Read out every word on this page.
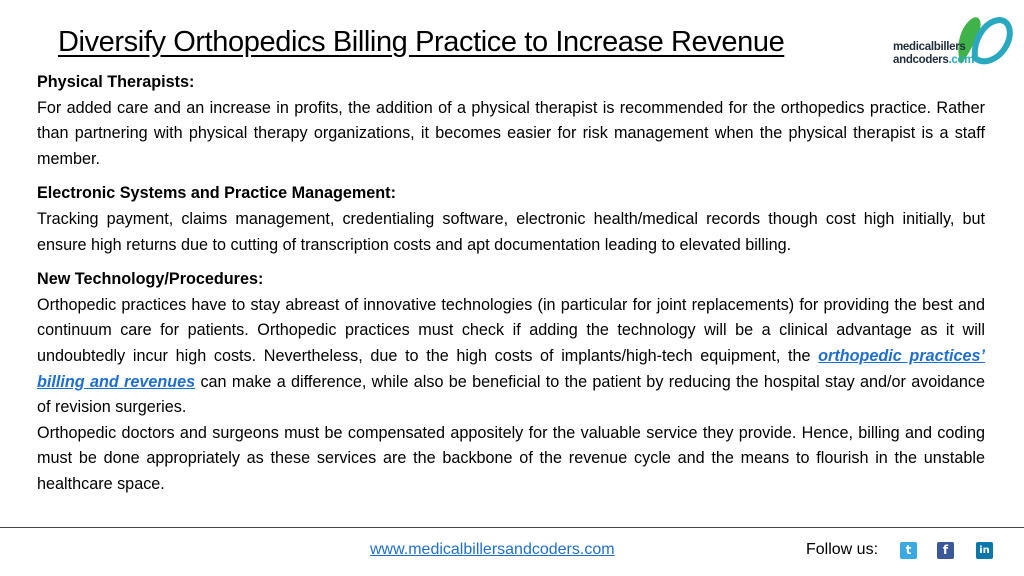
Diversify Orthopedics Billing Practice to Increase Revenue	medicalbillers
andcoders.com

Physical Therapists:

For added care and an increase in profits, the addition of a physical therapist is recommended for the orthopedics practice. Rather than partnering with physical therapy organizations, it becomes easier for risk management when the physical therapist is a staff member.

Electronic Systems and Practice Management:

Tracking payment, claims management, credentialing software, electronic health/medical records though cost high initially, but ensure high returns due to cutting of transcription costs and apt documentation leading to elevated billing.

New Technology/Procedures:

Orthopedic practices have to stay abreast of innovative technologies (in particular for joint replacements) for providing the best and continuum care for patients. Orthopedic practices must check if adding the technology will be a clinical advantage as it will undoubtedly incur high costs. Nevertheless, due to the high costs of implants/high-tech equipment, the orthopedic practices’ billing and revenues can make a difference, while also be beneficial to the patient by reducing the hospital stay and/or avoidance of revision surgeries.

Orthopedic doctors and surgeons must be compensated appositely for the valuable service they provide. Hence, billing and coding must be done appropriately as these services are the backbone of the revenue cycle and the means to flourish in the unstable healthcare space.

www.medicalbillersandcoders.com	Follow us:	t	f	in
